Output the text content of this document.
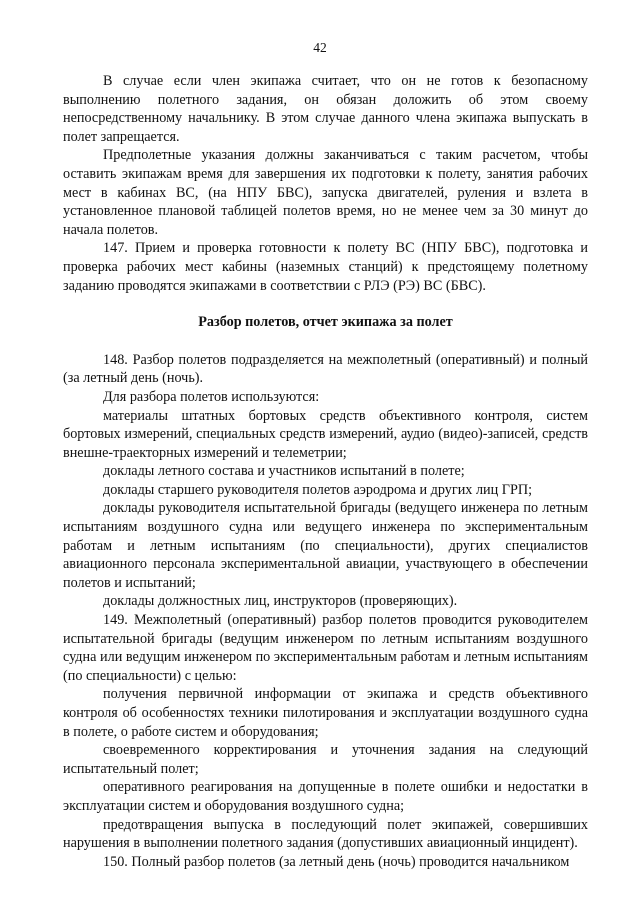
42

В случае если член экипажа считает, что он не готов к безопасному выполнению полетного задания, он обязан доложить об этом своему непосредственному начальнику. В этом случае данного члена экипажа выпускать в полет запрещается.

Предполетные указания должны заканчиваться с таким расчетом, чтобы оставить экипажам время для завершения их подготовки к полету, занятия рабочих мест в кабинах ВС, (на НПУ БВС), запуска двигателей, руления и взлета в установленное плановой таблицей полетов время, но не менее чем за 30 минут до начала полетов.

147. Прием и проверка готовности к полету ВС (НПУ БВС), подготовка и проверка рабочих мест кабины (наземных станций) к предстоящему полетному заданию проводятся экипажами в соответствии с РЛЭ (РЭ) ВС (БВС).

Разбор полетов, отчет экипажа за полет

148. Разбор полетов подразделяется на межполетный (оперативный) и полный (за летный день (ночь).

Для разбора полетов используются:

материалы штатных бортовых средств объективного контроля, систем бортовых измерений, специальных средств измерений, аудио (видео)-записей, средств внешне-траекторных измерений и телеметрии;

доклады летного состава и участников испытаний в полете;

доклады старшего руководителя полетов аэродрома и других лиц ГРП;

доклады руководителя испытательной бригады (ведущего инженера по летным испытаниям воздушного судна или ведущего инженера по экспериментальным работам и летным испытаниям (по специальности), других специалистов авиационного персонала экспериментальной авиации, участвующего в обеспечении полетов и испытаний;

доклады должностных лиц, инструкторов (проверяющих).

149. Межполетный (оперативный) разбор полетов проводится руководителем испытательной бригады (ведущим инженером по летным испытаниям воздушного судна или ведущим инженером по экспериментальным работам и летным испытаниям (по специальности) с целью:

получения первичной информации от экипажа и средств объективного контроля об особенностях техники пилотирования и эксплуатации воздушного судна в полете, о работе систем и оборудования;

своевременного корректирования и уточнения задания на следующий испытательный полет;

оперативного реагирования на допущенные в полете ошибки и недостатки в эксплуатации систем и оборудования воздушного судна;

предотвращения выпуска в последующий полет экипажей, совершивших нарушения в выполнении полетного задания (допустивших авиационный инцидент).

150. Полный разбор полетов (за летный день (ночь) проводится начальником
